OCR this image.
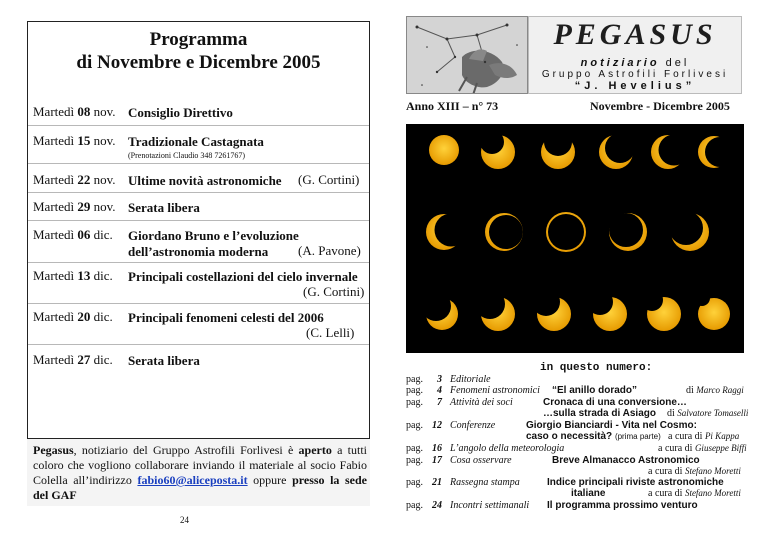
Programma
di Novembre e Dicembre 2005
Martedì 08 nov. Consiglio Direttivo
Martedì 15 nov. Tradizionale Castagnata
(Prenotazioni Claudio 348 7261767)
Martedì 22 nov. Ultime novità astronomiche (G. Cortini)
Martedì 29 nov. Serata libera
Martedì 06 dic. Giordano Bruno e l’evoluzione
dell’astronomia moderna (A. Pavone)
Martedì 13 dic. Principali costellazioni del cielo invernale
(G. Cortini)
Martedì 20 dic. Principali fenomeni celesti del 2006
(C. Lelli)
Martedì 27 dic. Serata libera
Pegasus, notiziario del Gruppo Astrofili Forlivesi è aperto a tutti coloro che vogliono collaborare inviando il materiale al socio Fabio Colella all’indirizzo fabio60@aliceposta.it oppure presso la sede del GAF
24
PEGASUS
notiziario del
Gruppo Astrofili Forlivesi
“J. Hevelius”
Anno XIII – n° 73	Novembre - Dicembre 2005
in questo numero:
pag.	3 Editoriale
pag.	4 Fenomeni astronomici “El anillo dorado”	di Marco Raggi
pag.	7 Attività dei soci	Cronaca di una conversione…
…sulla strada di Asiago di Salvatore Tomaselli
pag. 12 Conferenze	Giorgio Bianciardi - Vita nel Cosmo:
caso o necessità? (prima parte) a cura di Pi Kappa
pag. 16 L’angolo della meteorologia	a cura di Giuseppe Biffi
pag. 17 Cosa osservare	Breve Almanacco Astronomico
a cura di Stefano Moretti
pag. 21 Rassegna stampa	Indice principali riviste astronomiche
italiane	a cura di Stefano Moretti
pag. 24 Incontri settimanali Il programma prossimo venturo
